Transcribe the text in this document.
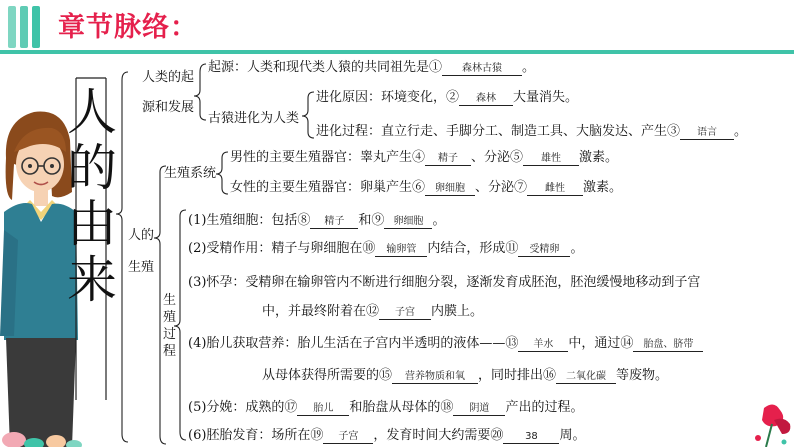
章节脉络：
人
的
由
来
人类的起
源和发展
起源：人类和现代类人猿的共同祖先是① 森林古猿 。
古猿进化为人类
进化原因：环境变化，② 森林 大量消失。
进化过程：直立行走、手脚分工、制造工具、大脑发达、产生③ 语言 。
人的
生殖
生殖系统
男性的主要生殖器官：睾丸产生④ 精子 、分泌⑤ 雄性 激素。
女性的主要生殖器官：卵巢产生⑥ 卵细胞 、分泌⑦ 雌性 激素。
生
殖
过
程
(1)生殖细胞：包括⑧ 精子 和⑨ 卵细胞 。
(2)受精作用：精子与卵细胞在⑩ 输卵管 内结合，形成⑪ 受精卵 。
(3)怀孕：受精卵在输卵管内不断进行细胞分裂，逐渐发育成胚泡，胚泡缓慢地移动到子宫
中，并最终附着在⑫ 子宫 内膜上。
(4)胎儿获取营养：胎儿生活在子宫内半透明的液体——⑬ 羊水 中，通过⑭ 胎盘、脐带
从母体获得所需要的⑮ 营养物质和氧 ，同时排出⑯ 二氧化碳 等废物。
(5)分娩：成熟的⑰ 胎儿 和胎盘从母体的⑱ 阴道 产出的过程。
(6)胚胎发育：场所在⑲ 子宫 ，发育时间大约需要⑳ 38 周。
